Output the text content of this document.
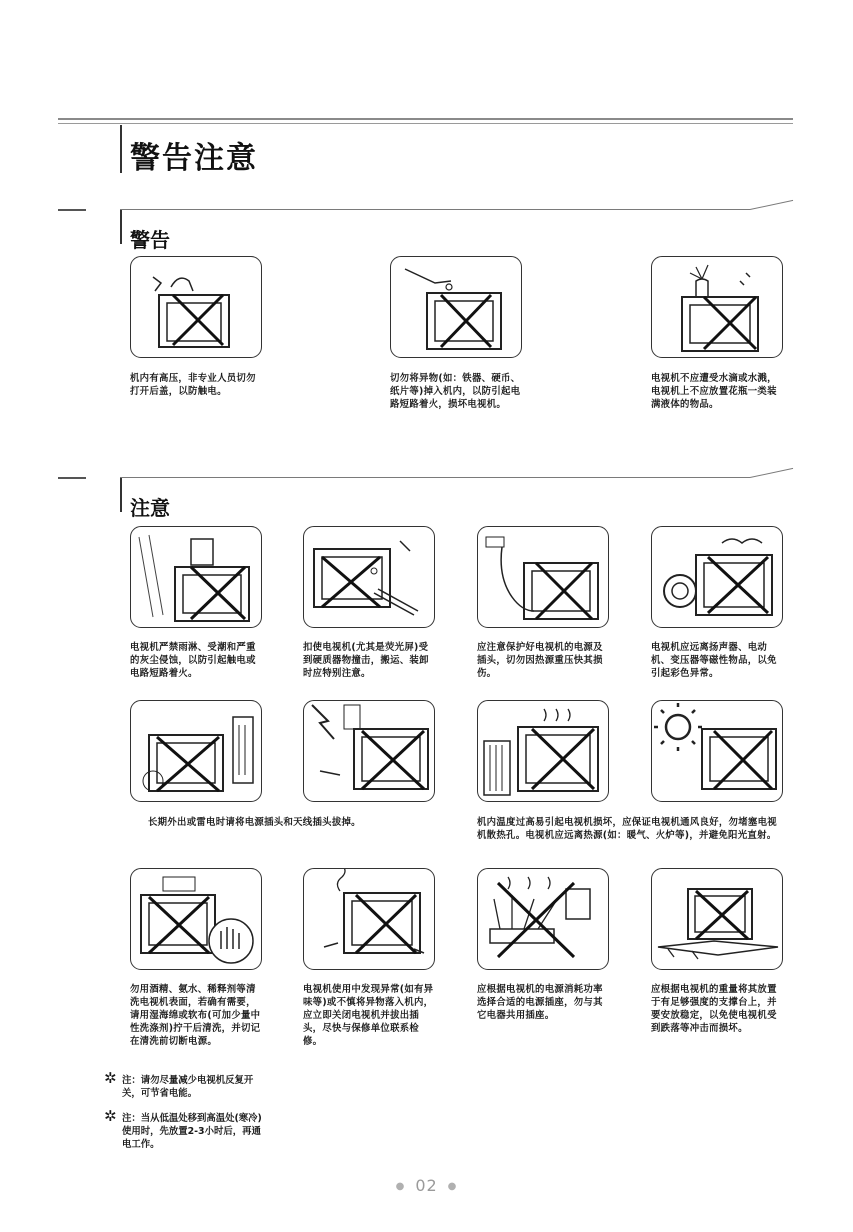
警告注意
警告
机内有高压，非专业人员切勿打开后盖，以防触电。
切勿将异物(如：铁器、硬币、纸片等)掉入机内，以防引起电路短路着火，损坏电视机。
电视机不应遭受水滴或水溅，电视机上不应放置花瓶一类装满液体的物品。
注意
电视机严禁雨淋、受潮和严重的灰尘侵蚀，以防引起触电或电路短路着火。
扣使电视机(尤其是荧光屏)受到硬质器物撞击，搬运、装卸时应特别注意。
应注意保护好电视机的电源及插头，切勿因热源重压快其损伤。
电视机应远离扬声器、电动机、变压器等磁性物品，以免引起彩色异常。
长期外出或雷电时请将电源插头和天线插头拔掉。	机内温度过高易引起电视机损坏，应保证电视机通风良好，勿堵塞电视机散热孔。电视机应远离热源(如：暖气、火炉等)，并避免阳光直射。
勿用酒精、氨水、稀释剂等清洗电视机表面，若确有需要，请用湿海绵或软布(可加少量中性洗涤剂)拧干后清洗，并切记在清洗前切断电源。
电视机使用中发现异常(如有异味等)或不慎将异物落入机内，应立即关闭电视机并拔出插头，尽快与保修单位联系检修。
应根据电视机的电源消耗功率选择合适的电源插座，勿与其它电器共用插座。
应根据电视机的重量将其放置于有足够强度的支撑台上，并要安放稳定，以免使电视机受到跌落等冲击而损坏。
✲ 注：请勿尽量减少电视机反复开关，可节省电能。
✲ 注：当从低温处移到高温处(寒冷)使用时，先放置2-3小时后，再通电工作。
● 02 ●
